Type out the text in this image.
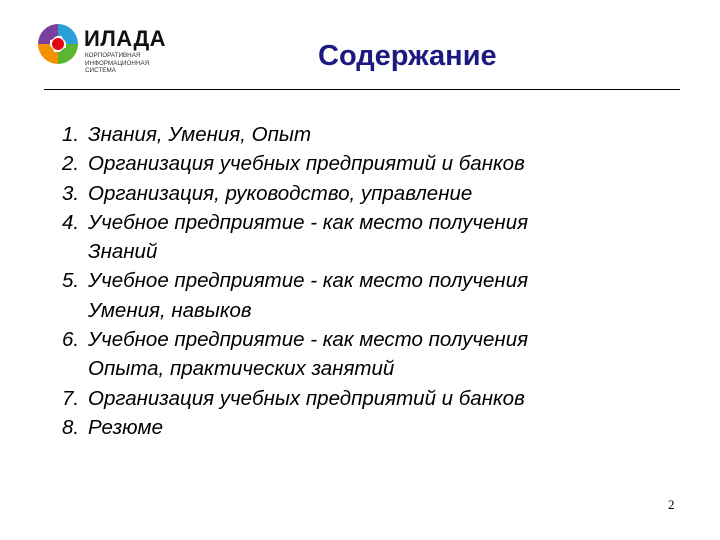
ИЛАДА
КОРПОРАТИВНАЯ
ИНФОРМАЦИОННАЯ
СИСТЕМА	Содержание
1. Знания, Умения, Опыт
2. Организация учебных предприятий и банков
3. Организация, руководство, управление
4. Учебное предприятие - как место получения
Знаний
5. Учебное предприятие - как место получения
Умения, навыков
6. Учебное предприятие - как место получения
Опыта, практических занятий
7. Организация учебных предприятий и банков
8. Резюме
2
